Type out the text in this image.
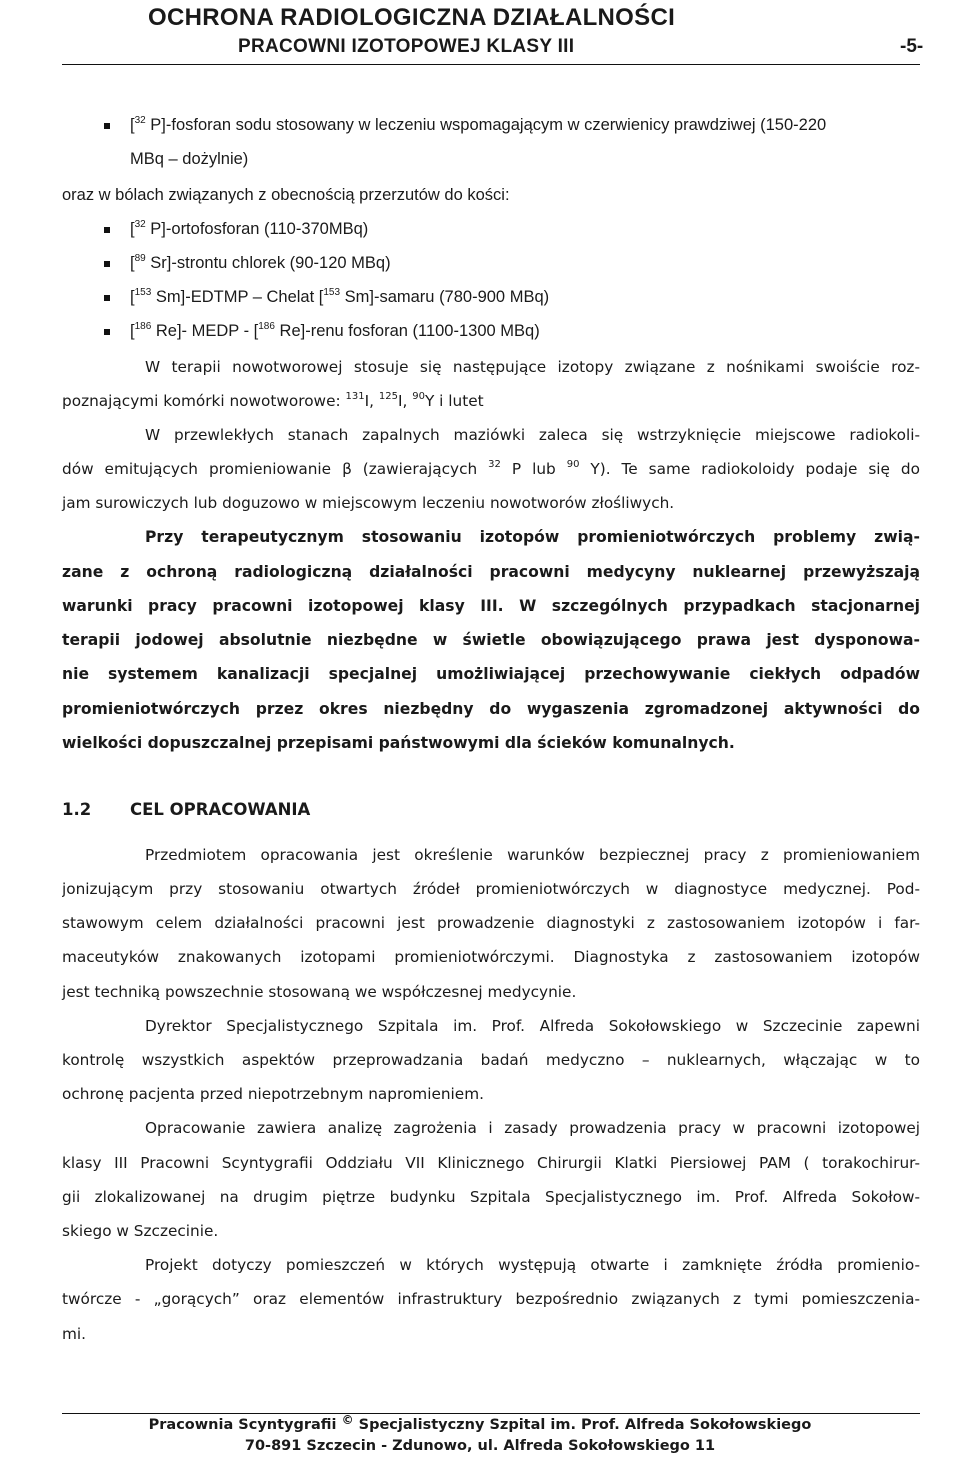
OCHRONA RADIOLOGICZNA DZIAŁALNOŚCI
PRACOWNI IZOTOPOWEJ KLASY III	-5-
[$^{32}$ P]-fosforan sodu stosowany w leczeniu wspomagającym w czerwienicy prawdziwej (150-220
MBq – dożylnie)
oraz w bólach związanych z obecnością przerzutów do kości:
[$^{32}$ P]-ortofosforan (110-370MBq)
[$^{89}$ Sr]-strontu chlorek (90-120 MBq)
[$^{153}$ Sm]-EDTMP – Chelat [$^{153}$ Sm]-samaru (780-900 MBq)
[$^{186}$ Re]- MEDP - [$^{186}$ Re]-renu fosforan (1100-1300 MBq)
W terapii nowotworowej stosuje się następujące izotopy związane z nośnikami swoiście roz-
poznającymi komórki nowotworowe: $^{131}$I, $^{125}$I, $^{90}$Y i lutet
W przewlekłych stanach zapalnych maziówki zaleca się wstrzyknięcie miejscowe radiokoli-
dów emitujących promieniowanie β (zawierających $^{32}$ P lub $^{90}$ Y). Te same radiokoloidy podaje się do
jam surowiczych lub doguzowo w miejscowym leczeniu nowotworów złośliwych.
Przy terapeutycznym stosowaniu izotopów promieniotwórczych problemy zwią-
zane z ochroną radiologiczną działalności pracowni medycyny nuklearnej przewyższają
warunki pracy pracowni izotopowej klasy III. W szczególnych przypadkach stacjonarnej
terapii jodowej absolutnie niezbędne w świetle obowiązującego prawa jest dysponowa-
nie systemem kanalizacji specjalnej umożliwiającej przechowywanie ciekłych odpadów
promieniotwórczych przez okres niezbędny do wygaszenia zgromadzonej aktywności do
wielkości dopuszczalnej przepisami państwowymi dla ścieków komunalnych.
1.2 CEL OPRACOWANIA
Przedmiotem opracowania jest określenie warunków bezpiecznej pracy z promieniowaniem
jonizującym przy stosowaniu otwartych źródeł promieniotwórczych w diagnostyce medycznej. Pod-
stawowym celem działalności pracowni jest prowadzenie diagnostyki z zastosowaniem izotopów i far-
maceutyków znakowanych izotopami promieniotwórczymi. Diagnostyka z zastosowaniem izotopów
jest techniką powszechnie stosowaną we współczesnej medycynie.
Dyrektor Specjalistycznego Szpitala im. Prof. Alfreda Sokołowskiego w Szczecinie zapewni
kontrolę wszystkich aspektów przeprowadzania badań medyczno – nuklearnych, włączając w to
ochronę pacjenta przed niepotrzebnym napromieniem.
Opracowanie zawiera analizę zagrożenia i zasady prowadzenia pracy w pracowni izotopowej
klasy III Pracowni Scyntygrafii Oddziału VII Klinicznego Chirurgii Klatki Piersiowej PAM ( torakochirur-
gii zlokalizowanej na drugim piętrze budynku Szpitala Specjalistycznego im. Prof. Alfreda Sokołow-
skiego w Szczecinie.
Projekt dotyczy pomieszczeń w których występują otwarte i zamknięte źródła promienio-
twórcze - „gorących” oraz elementów infrastruktury bezpośrednio związanych z tymi pomieszczenia-
mi.
Pracownia Scyntygrafii © Specjalistyczny Szpital im. Prof. Alfreda Sokołowskiego
70-891 Szczecin - Zdunowo, ul. Alfreda Sokołowskiego 11
